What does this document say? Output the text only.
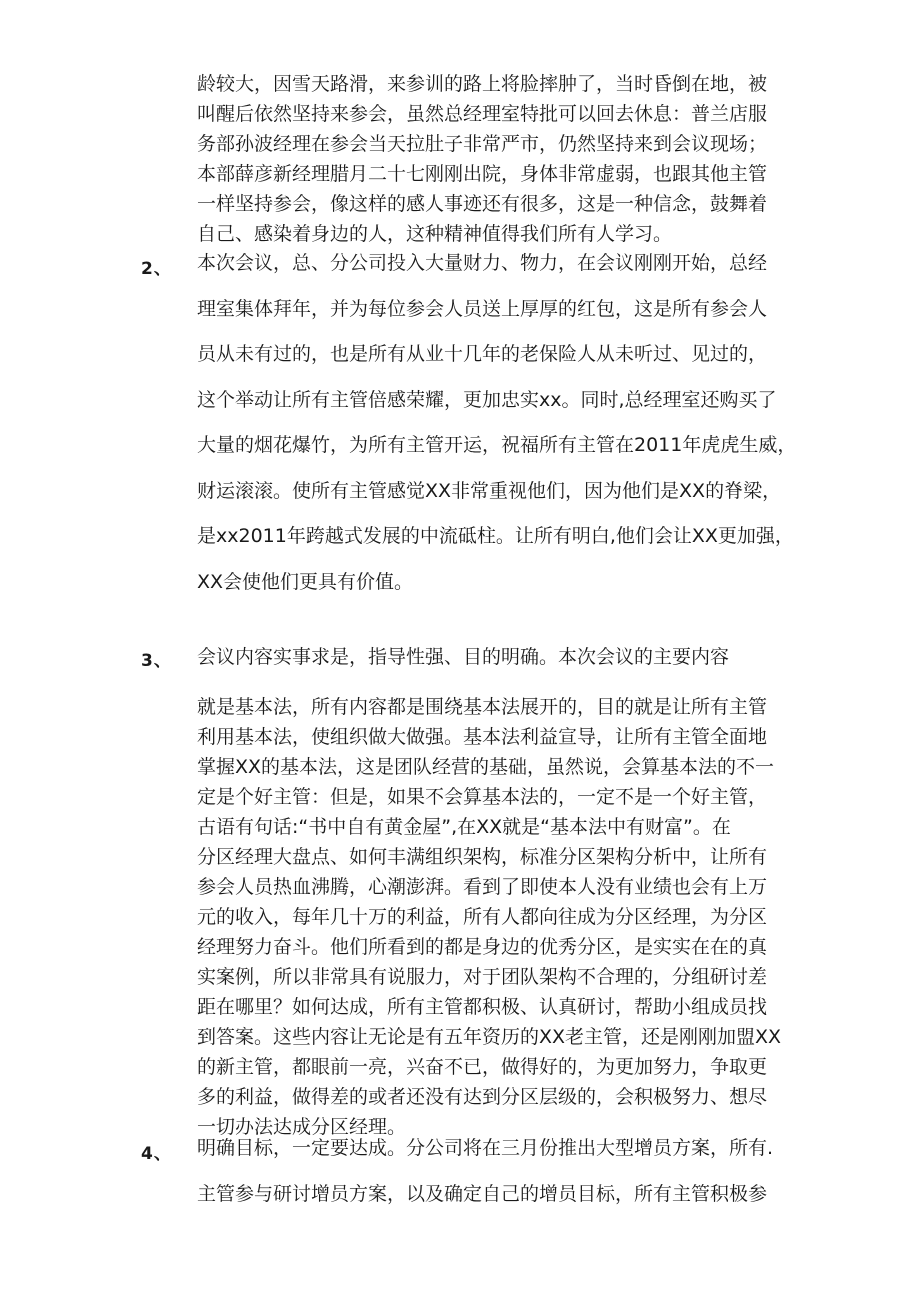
龄较大，因雪天路滑，来参训的路上将脸摔肿了，当时昏倒在地，被
叫醒后依然坚持来参会，虽然总经理室特批可以回去休息：普兰店服
务部孙波经理在参会当天拉肚子非常严市，仍然坚持来到会议现场；
本部薛彦新经理腊月二十七刚刚出院，身体非常虚弱，也跟其他主管
一样坚持参会，像这样的感人事迹还有很多，这是一种信念，鼓舞着
自己、感染着身边的人，这种精神值得我们所有人学习。
2、 本次会议，总、分公司投入大量财力、物力，在会议刚刚开始，总经
理室集体拜年，并为每位参会人员送上厚厚的红包，这是所有参会人
员从未有过的，也是所有从业十几年的老保险人从未听过、见过的，
这个举动让所有主管倍感荣耀，更加忠实xx。同时,总经理室还购买了
大量的烟花爆竹，为所有主管开运，祝福所有主管在2011年虎虎生威，
财运滚滚。使所有主管感觉XX非常重视他们，因为他们是XX的脊梁，
是xx2011年跨越式发展的中流砥柱。让所有明白,他们会让XX更加强，
XX会使他们更具有价值。
3、 会议内容实事求是，指导性强、目的明确。本次会议的主要内容
就是基本法，所有内容都是围绕基本法展开的，目的就是让所有主管
利用基本法，使组织做大做强。基本法利益宣导，让所有主管全面地
掌握XX的基本法，这是团队经营的基础，虽然说，会算基本法的不一
定是个好主管：但是，如果不会算基本法的，一定不是一个好主管，
古语有句话:“书中自有黄金屋”,在XX就是“基本法中有财富”。在
分区经理大盘点、如何丰满组织架构，标准分区架构分析中，让所有
参会人员热血沸腾，心潮澎湃。看到了即使本人没有业绩也会有上万
元的收入，每年几十万的利益，所有人都向往成为分区经理，为分区
经理努力奋斗。他们所看到的都是身边的优秀分区，是实实在在的真
实案例，所以非常具有说服力，对于团队架构不合理的，分组研讨差
距在哪里？如何达成，所有主管都积极、认真研讨，帮助小组成员找
到答案。这些内容让无论是有五年资历的XX老主管，还是刚刚加盟XX
的新主管，都眼前一亮，兴奋不已，做得好的，为更加努力，争取更
多的利益，做得差的或者还没有达到分区层级的，会积极努力、想尽
一切办法达成分区经理。
4、 明确目标，一定要达成。分公司将在三月份推出大型增员方案，所有.
主管参与研讨增员方案，以及确定自己的增员目标，所有主管积极参
